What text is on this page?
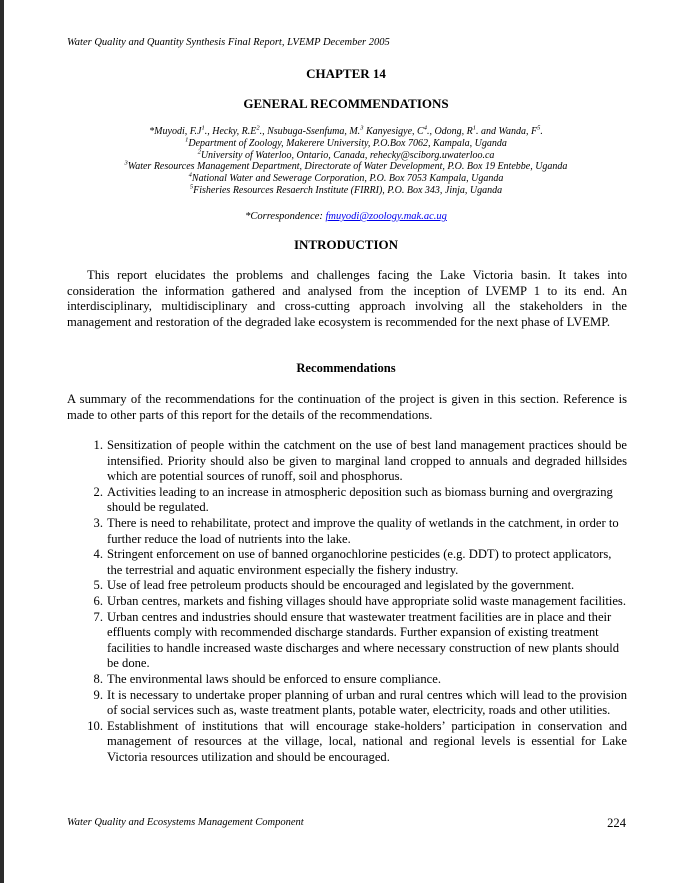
Water Quality and Quantity Synthesis Final Report, LVEMP December 2005
CHAPTER 14
GENERAL RECOMMENDATIONS
*Muyodi, $F.J^1$., Hecky, $R.E^2$., Nsubuga-Ssenfuma, M.$^3$ Kanyesigye, $C^4$., Odong, $R^1$. and Wanda, $F^5$.
$^1$Department of Zoology, Makerere University, P.O.Box 7062, Kampala, Uganda
$^2$University of Waterloo, Ontario, Canada, rehecky@sciborg.uwaterloo.ca
$^3$Water Resources Management Department, Directorate of Water Development, P.O. Box 19 Entebbe, Uganda
$^4$National Water and Sewerage Corporation, P.O. Box 7053 Kampala, Uganda
$^5$Fisheries Resources Resaerch Institute (FIRRI), P.O. Box 343, Jinja, Uganda
*Correspondence: fmuyodi@zoology.mak.ac.ug
INTRODUCTION
This report elucidates the problems and challenges facing the Lake Victoria basin. It takes into consideration the information gathered and analysed from the inception of LVEMP 1 to its end. An interdisciplinary, multidisciplinary and cross-cutting approach involving all the stakeholders in the management and restoration of the degraded lake ecosystem is recommended for the next phase of LVEMP.
Recommendations
A summary of the recommendations for the continuation of the project is given in this section. Reference is made to other parts of this report for the details of the recommendations.
1. Sensitization of people within the catchment on the use of best land management practices should be intensified. Priority should also be given to marginal land cropped to annuals and degraded hillsides which are potential sources of runoff, soil and phosphorus.
2. Activities leading to an increase in atmospheric deposition such as biomass burning and overgrazing should be regulated.
3. There is need to rehabilitate, protect and improve the quality of wetlands in the catchment, in order to further reduce the load of nutrients into the lake.
4. Stringent enforcement on use of banned organochlorine pesticides (e.g. DDT) to protect applicators, the terrestrial and aquatic environment especially the fishery industry.
5. Use of lead free petroleum products should be encouraged and legislated by the government.
6. Urban centres, markets and fishing villages should have appropriate solid waste management facilities.
7. Urban centres and industries should ensure that wastewater treatment facilities are in place and their effluents comply with recommended discharge standards. Further expansion of existing treatment facilities to handle increased waste discharges and where necessary construction of new plants should be done.
8. The environmental laws should be enforced to ensure compliance.
9. It is necessary to undertake proper planning of urban and rural centres which will lead to the provision of social services such as, waste treatment plants, potable water, electricity, roads and other utilities.
10. Establishment of institutions that will encourage stake-holders’ participation in conservation and management of resources at the village, local, national and regional levels is essential for Lake Victoria resources utilization and should be encouraged.
Water Quality and Ecosystems Management Component	224
